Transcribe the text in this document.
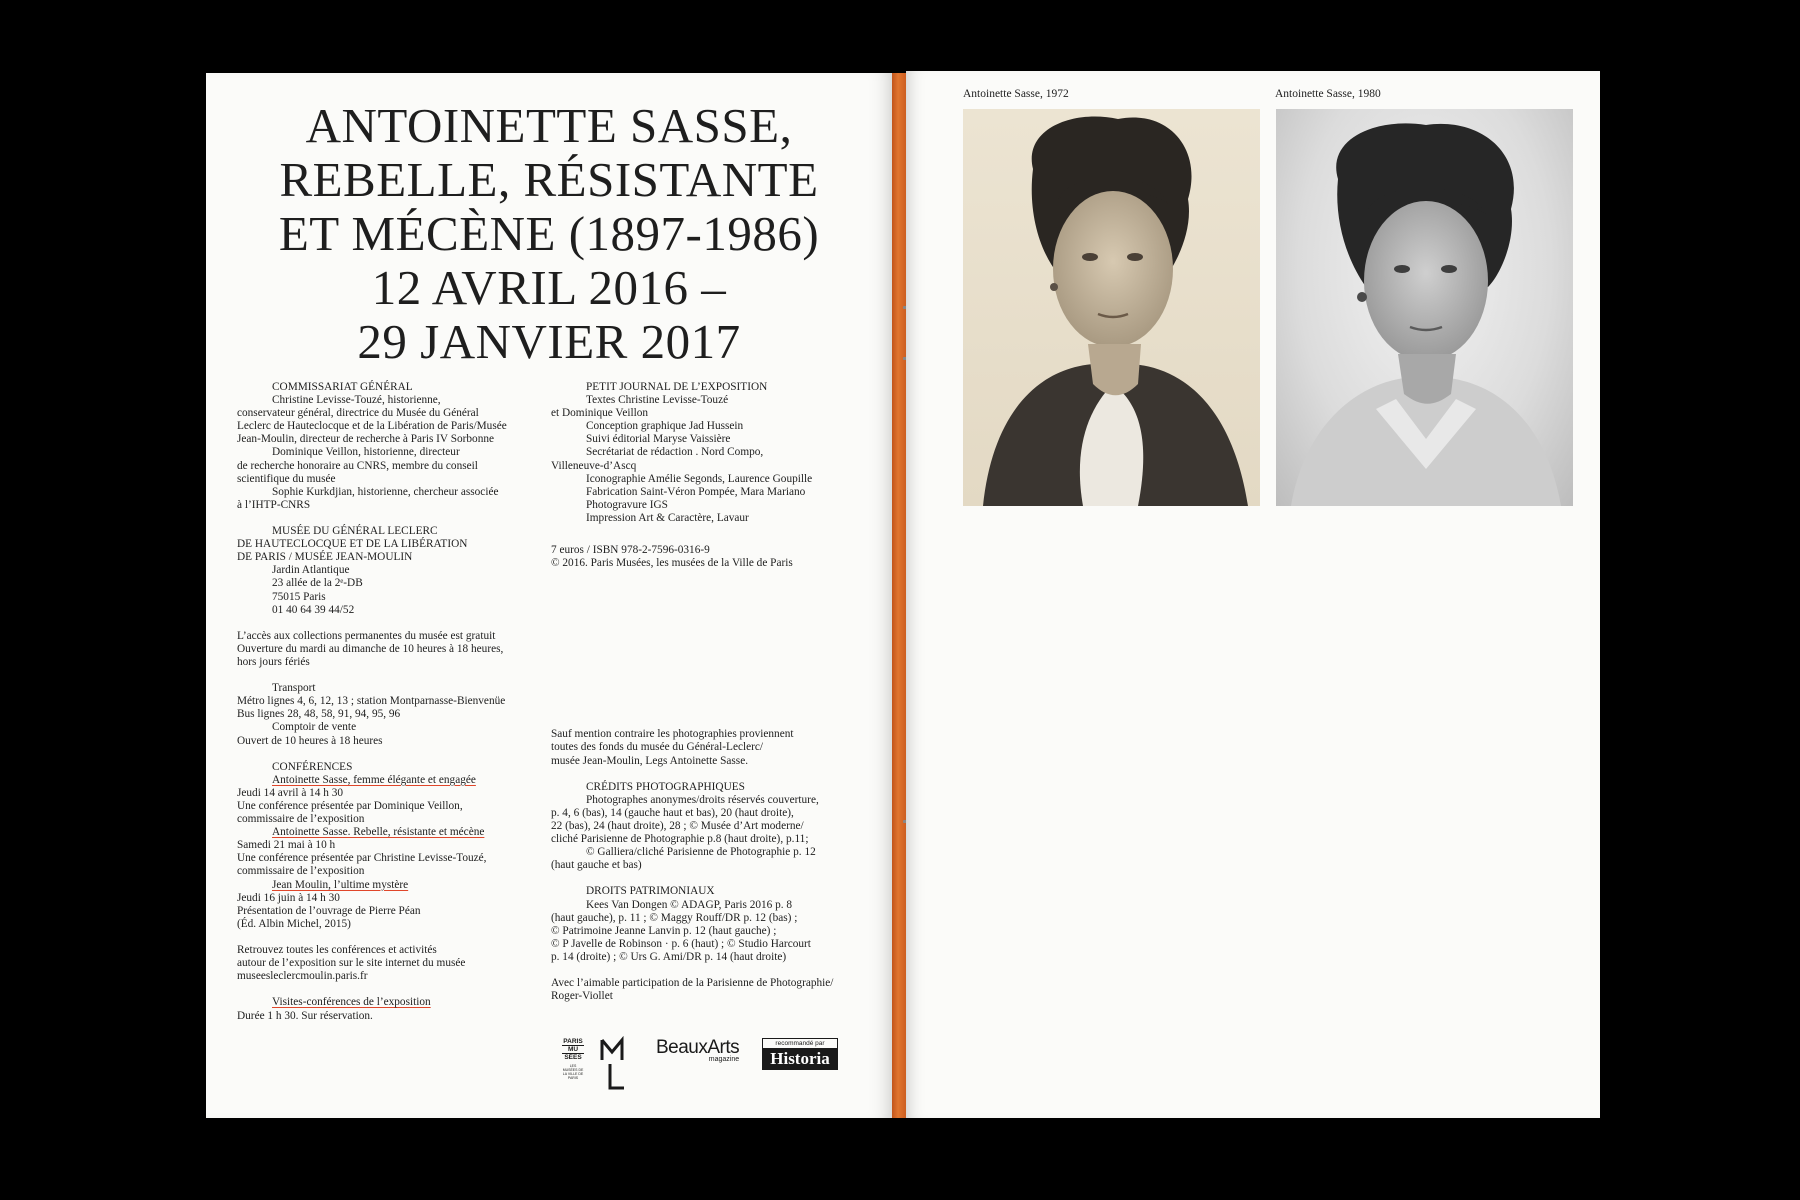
ANTOINETTE SASSE,
REBELLE, RÉSISTANTE
ET MÉCÈNE (1897-1986)
12 AVRIL 2016 –
29 JANVIER 2017
COMMISSARIAT GÉNÉRAL
Christine Levisse-Touzé, historienne,
conservateur général, directrice du Musée du Général
Leclerc de Hauteclocque et de la Libération de Paris/Musée
Jean-Moulin, directeur de recherche à Paris IV Sorbonne
Dominique Veillon, historienne, directeur
de recherche honoraire au CNRS, membre du conseil
scientifique du musée
Sophie Kurkdjian, historienne, chercheur associée
à l’IHTP-CNRS
MUSÉE DU GÉNÉRAL LECLERC
DE HAUTECLOCQUE ET DE LA LIBÉRATION
DE PARIS / MUSÉE JEAN-MOULIN
Jardin Atlantique
23 allée de la 2ᵉ-DB
75015 Paris
01 40 64 39 44/52
L’accès aux collections permanentes du musée est gratuit
Ouverture du mardi au dimanche de 10 heures à 18 heures,
hors jours fériés
Transport
Métro lignes 4, 6, 12, 13 ; station Montparnasse-Bienvenüe
Bus lignes 28, 48, 58, 91, 94, 95, 96
Comptoir de vente
Ouvert de 10 heures à 18 heures
CONFÉRENCES
Antoinette Sasse, femme élégante et engagée
Jeudi 14 avril à 14 h 30
Une conférence présentée par Dominique Veillon,
commissaire de l’exposition
Antoinette Sasse. Rebelle, résistante et mécène
Samedi 21 mai à 10 h
Une conférence présentée par Christine Levisse-Touzé,
commissaire de l’exposition
Jean Moulin, l’ultime mystère
Jeudi 16 juin à 14 h 30
Présentation de l’ouvrage de Pierre Péan
(Éd. Albin Michel, 2015)
Retrouvez toutes les conférences et activités
autour de l’exposition sur le site internet du musée
museesleclercmoulin.paris.fr
Visites-conférences de l’exposition
Durée 1 h 30. Sur réservation.
PETIT JOURNAL DE L’EXPOSITION
Textes Christine Levisse-Touzé
et Dominique Veillon
Conception graphique Jad Hussein
Suivi éditorial Maryse Vaissière
Secrétariat de rédaction . Nord Compo,
Villeneuve-d’Ascq
Iconographie Amélie Segonds, Laurence Goupille
Fabrication Saint-Véron Pompée, Mara Mariano
Photogravure IGS
Impression Art & Caractère, Lavaur
7 euros / ISBN 978-2-7596-0316-9
© 2016. Paris Musées, les musées de la Ville de Paris
Sauf mention contraire les photographies proviennent
toutes des fonds du musée du Général-Leclerc/
musée Jean-Moulin, Legs Antoinette Sasse.
CRÉDITS PHOTOGRAPHIQUES
Photographes anonymes/droits réservés couverture,
p. 4, 6 (bas), 14 (gauche haut et bas), 20 (haut droite),
22 (bas), 24 (haut droite), 28 ; © Musée d’Art moderne/
cliché Parisienne de Photographie p.8 (haut droite), p.11;
© Galliera/cliché Parisienne de Photographie p. 12
(haut gauche et bas)
DROITS PATRIMONIAUX
Kees Van Dongen © ADAGP, Paris 2016 p. 8
(haut gauche), p. 11 ; © Maggy Rouff/DR p. 12 (bas) ;
© Patrimoine Jeanne Lanvin p. 12 (haut gauche) ;
© P Javelle de Robinson · p. 6 (haut) ; © Studio Harcourt
p. 14 (droite) ; © Urs G. Ami/DR p. 14 (haut droite)
Avec l’aimable participation de la Parisienne de Photographie/
Roger-Viollet
PARIS
MU
SÉES
LES MUSÉES DE LA VILLE DE PARIS
BeauxArts
magazine
recommandé par
Historia
Antoinette Sasse, 1972	Antoinette Sasse, 1980
